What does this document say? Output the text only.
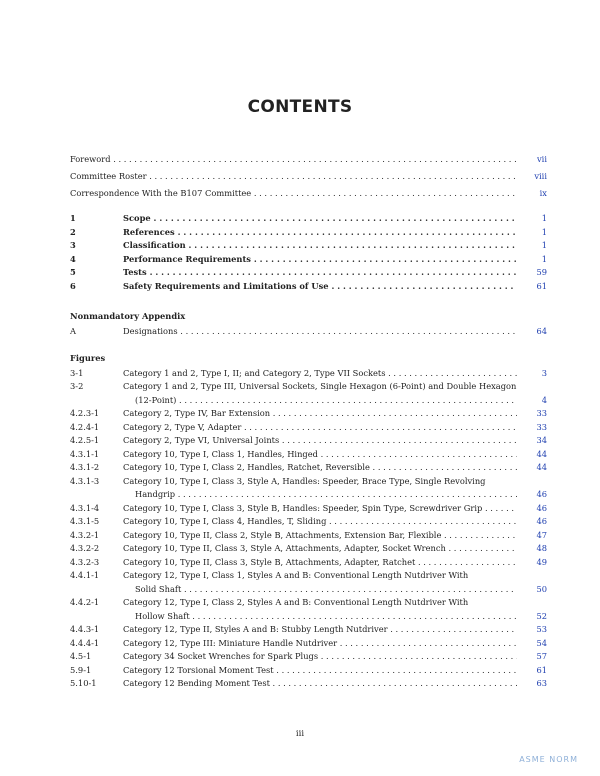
CONTENTS
Foreword . . .	vii
Committee Roster . . .	viii
Correspondence With the B107 Committee . . .	ix
1	Scope . . .	1
2	References . . .	1
3	Classification . . .	1
4	Performance Requirements . . .	1
5	Tests . . .	59
6	Safety Requirements and Limitations of Use . . .	61
Nonmandatory Appendix
A	Designations . . .	64
Figures
3-1	Category 1 and 2, Type I, II; and Category 2, Type VII Sockets . . .	3
3-2	Category 1 and 2, Type III, Universal Sockets, Single Hexagon (6-Point) and Double Hexagon
(12-Point) . . .	4
4.2.3-1	Category 2, Type IV, Bar Extension . . .	33
4.2.4-1	Category 2, Type V, Adapter . . .	33
4.2.5-1	Category 2, Type VI, Universal Joints . . .	34
4.3.1-1	Category 10, Type I, Class 1, Handles, Hinged . . .	44
4.3.1-2	Category 10, Type I, Class 2, Handles, Ratchet, Reversible . . .	44
4.3.1-3	Category 10, Type I, Class 3, Style A, Handles: Speeder, Brace Type, Single Revolving
Handgrip . . .	46
4.3.1-4	Category 10, Type I, Class 3, Style B, Handles: Speeder, Spin Type, Screwdriver Grip . . .	46
4.3.1-5	Category 10, Type I, Class 4, Handles, T, Sliding . . .	46
4.3.2-1	Category 10, Type II, Class 2, Style B, Attachments, Extension Bar, Flexible . . .	47
4.3.2-2	Category 10, Type II, Class 3, Style A, Attachments, Adapter, Socket Wrench . . .	48
4.3.2-3	Category 10, Type II, Class 3, Style B, Attachments, Adapter, Ratchet . . .	49
4.4.1-1	Category 12, Type I, Class 1, Styles A and B: Conventional Length Nutdriver With
Solid Shaft . . .	50
4.4.2-1	Category 12, Type I, Class 2, Styles A and B: Conventional Length Nutdriver With
Hollow Shaft . . .	52
4.4.3-1	Category 12, Type II, Styles A and B: Stubby Length Nutdriver . . .	53
4.4.4-1	Category 12, Type III: Miniature Handle Nutdriver . . .	54
4.5-1	Category 34 Socket Wrenches for Spark Plugs . . .	57
5.9-1	Category 12 Torsional Moment Test . . .	61
5.10-1	Category 12 Bending Moment Test . . .	63
iii
ASME NORM
